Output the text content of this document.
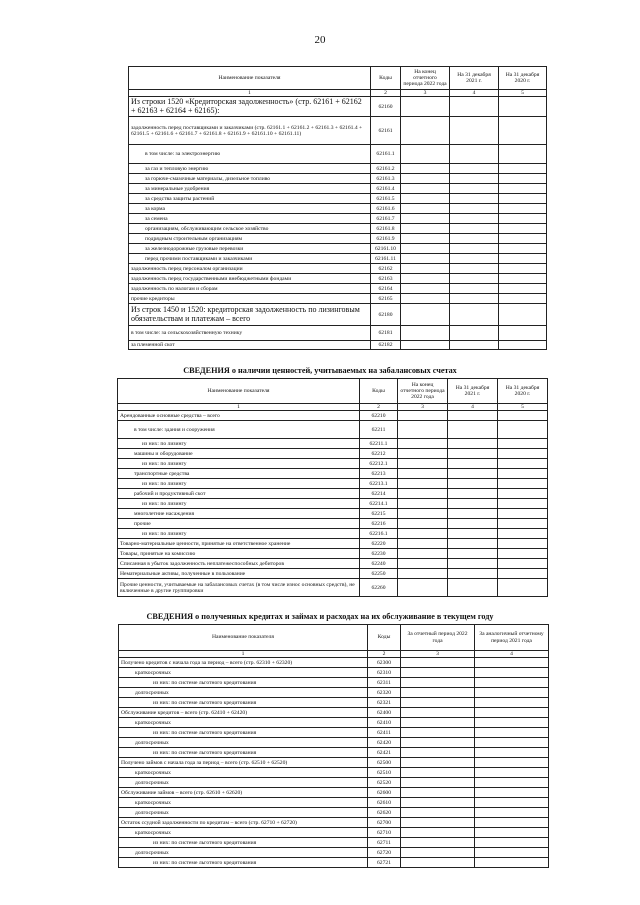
20
Наименование показателя	Коды	На конец отчетного периода 2022 года	На 31 декабря 2021 г.	На 31 декабря 2020 г.
1	2	3	4	5
Из строки 1520 «Кредиторская задолженность» (стр. 62161 + 62162 + 62163 + 62164 + 62165):	62160			
задолженность перед поставщиками и заказчиками (стр. 62161.1 + 62161.2 + 62161.3 + 62161.4 + 62161.5 + 62161.6 + 62161.7 + 62161.8 + 62161.9 + 62161.10 + 62161.11)	62161			
в том числе: за электроэнергию	62161.1			
за газ и тепловую энергию	62161.2			
за горюче-смазочные материалы, дизельное топливо	62161.3			
за минеральные удобрения	62161.4			
за средства защиты растений	62161.5			
за корма	62161.6			
за семена	62161.7			
организациям, обслуживающим сельское хозяйство	62161.8			
подрядным строительным организациям	62161.9			
за железнодорожные грузовые перевозки	62161.10			
перед прочими поставщиками и заказчиками	62161.11			
задолженность перед персоналом организации	62162			
задолженность перед государственными внебюджетными фондами	62163			
задолженность по налогам и сборам	62164			
прочие кредиторы	62165			
Из строк 1450 и 1520: кредиторская задолженность по лизинговым обязательствам и платежам – всего	62180			
в том числе: за сельскохозяйственную технику	62181			
за племенной скот	62182			
СВЕДЕНИЯ о наличии ценностей, учитываемых на забалансовых счетах
Наименование показателя	Коды	На конец отчетного периода 2022 года	На 31 декабря 2021 г.	На 31 декабря 2020 г.
1	2	3	4	5
Арендованные основные средства – всего	62210			
в том числе: здания и сооружения	62211			
из них: по лизингу	62211.1			
машины и оборудование	62212			
из них: по лизингу	62212.1			
транспортные средства	62213			
из них: по лизингу	62213.1			
рабочий и продуктивный скот	62214			
из них: по лизингу	62214.1			
многолетние насаждения	62215			
прочие	62216			
из них: по лизингу	62216.1			
Товарно-материальные ценности, принятые на ответственное хранение	62220			
Товары, принятые на комиссию	62230			
Списанная в убыток задолженность неплатежеспособных дебиторов	62240			
Нематериальные активы, полученные в пользование	62250			
Прочие ценности, учитываемые на забалансовых счетах (в том числе износ основных средств), не включенные в другие группировки	62260			
СВЕДЕНИЯ о полученных кредитах и займах и расходах на их обслуживание в текущем году
Наименование показателя	Коды	За отчетный период 2022 года	За аналогичный отчетному период 2021 года
1	2	3	4
Получено кредитов с начала года за период – всего (стр. 62310 + 62320)	62300		
краткосрочных	62310		
из них: по системе льготного кредитования	62311		
долгосрочных	62320		
из них: по системе льготного кредитования	62321		
Обслуживание кредитов – всего (стр. 62410 + 62420)	62400		
краткосрочных	62410		
из них: по системе льготного кредитования	62411		
долгосрочных	62420		
из них: по системе льготного кредитования	62421		
Получено займов с начала года за период – всего (стр. 62510 + 62520)	62500		
краткосрочных	62510		
долгосрочных	62520		
Обслуживание займов – всего (стр. 62610 + 62620)	62600		
краткосрочных	62610		
долгосрочных	62620		
Остаток ссудной задолженности по кредитам – всего (стр. 62710 + 62720)	62700		
краткосрочных	62710		
из них: по системе льготного кредитования	62711		
долгосрочных	62720		
из них: по системе льготного кредитования	62721		
